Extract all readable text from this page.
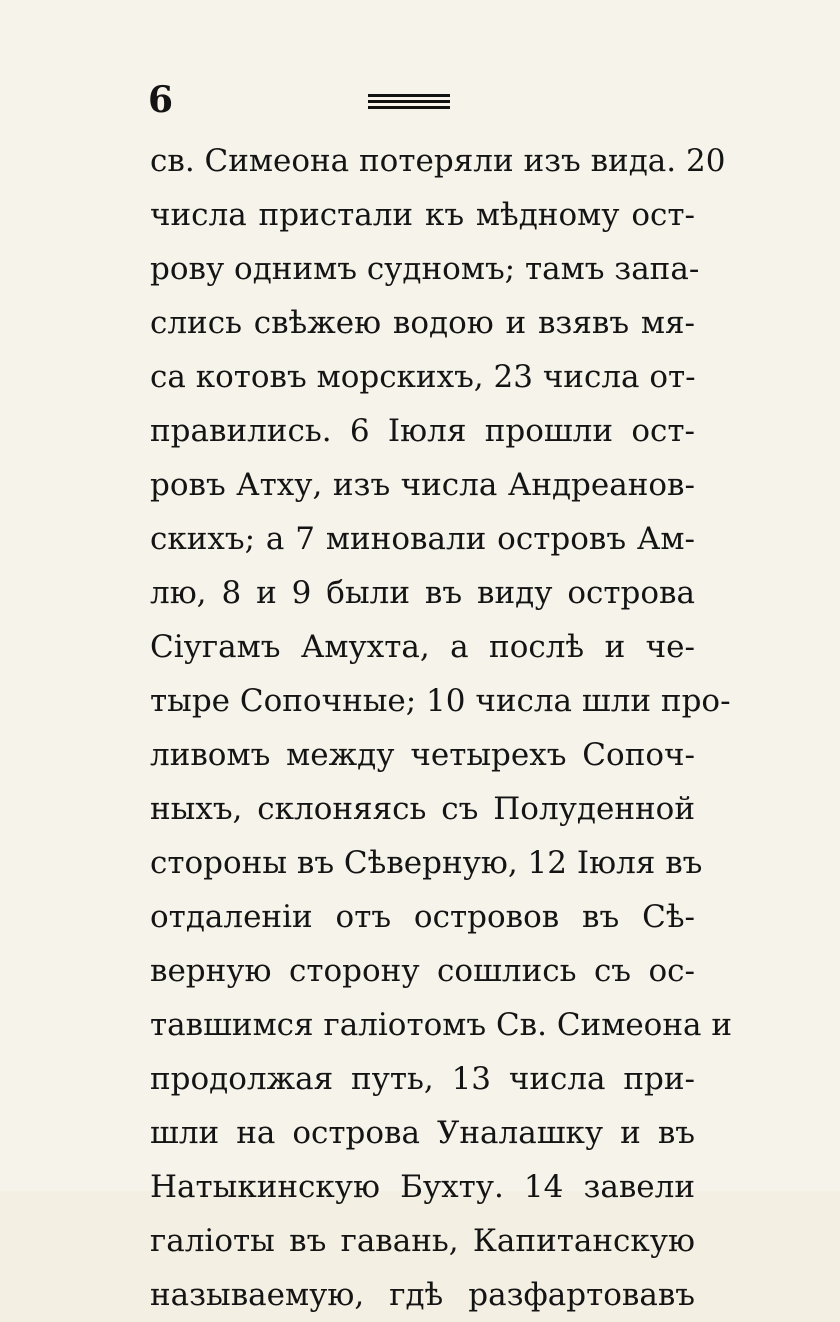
6
св. Симеона потеряли изъ вида. 20
числа пристали къ мѣдному ост-
рову однимъ судномъ; тамъ запа-
слись свѣжею водою и взявъ мя-
са котовъ морскихъ, 23 числа от-
правились. 6 Іюля прошли ост-
ровъ Атху, изъ числа Андреанов-
скихъ; а 7 миновали островъ Ам-
лю, 8 и 9 были въ виду острова
Сіугамъ Амухта, а послѣ и че-
тыре Сопочные; 10 числа шли про-
ливомъ между четырехъ Сопоч-
ныхъ, склоняясь съ Полуденной
стороны въ Сѣверную, 12 Іюля въ
отдаленіи отъ островов въ Сѣ-
верную сторону сошлись съ ос-
тавшимся галіотомъ Св. Симеона и
продолжая путь, 13 числа при-
шли на острова Уналашку и въ
Натыкинскую Бухту. 14 завели
галіоты въ гавань, Капитанскую
называемую, гдѣ разфартовавъ
